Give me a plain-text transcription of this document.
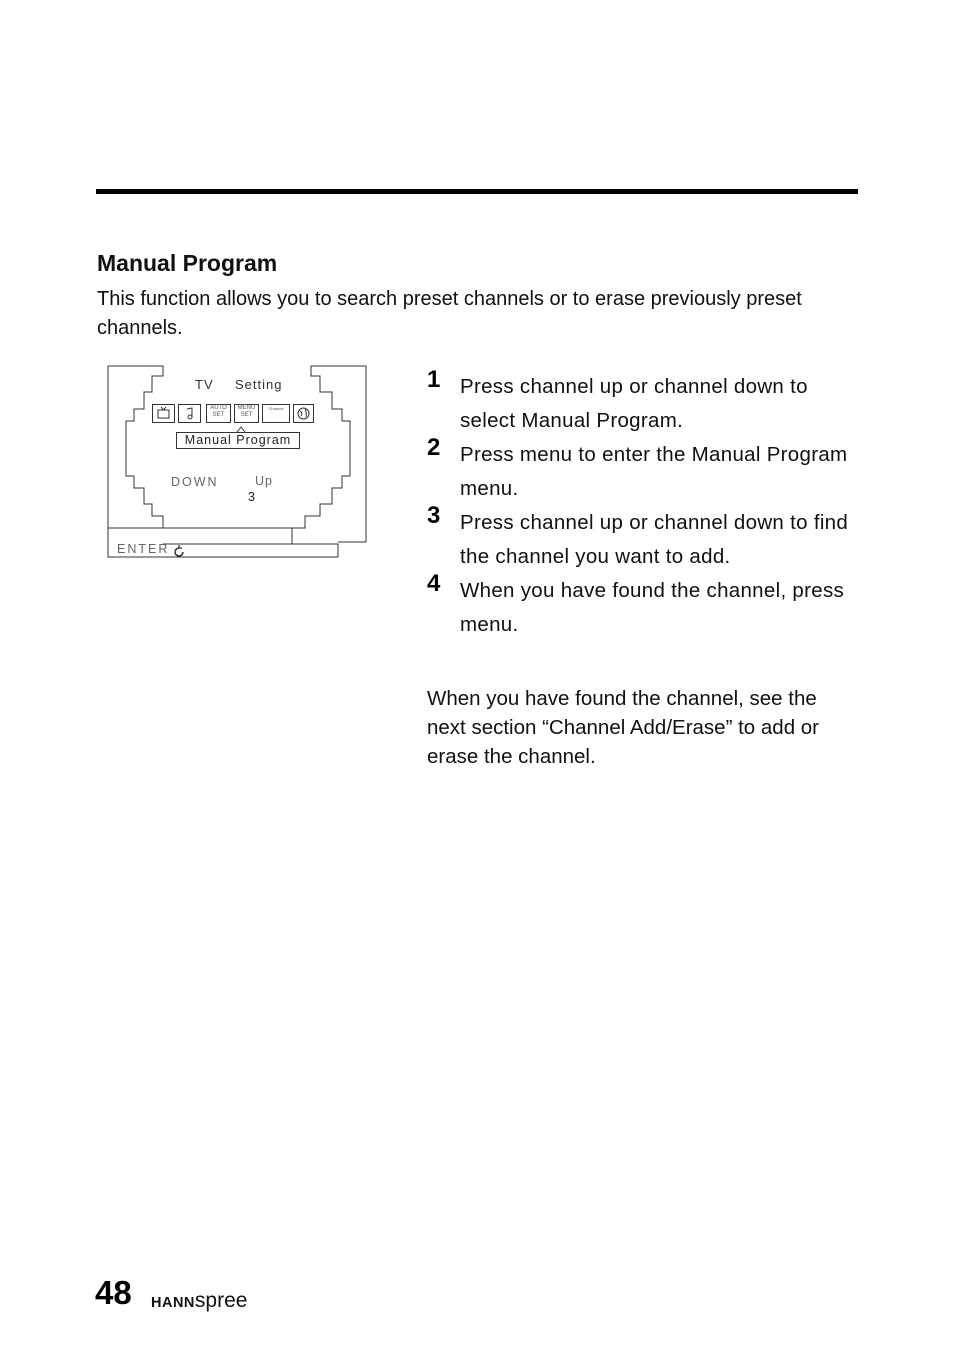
Manual Program

This function allows you to search preset channels or to erase previously preset channels.

TV Setting
AUTO SET
MENU SET
Channel
Manual Program
DOWN	Up
3
ENTER
1 Press channel up or channel down to select Manual Program.
2 Press menu to enter the Manual Program menu.
3 Press channel up or channel down to find the channel you want to add.
4 When you have found the channel, press menu.

When you have found the channel, see the next section “Channel Add/Erase” to add or erase the channel.

48 HANNspree
